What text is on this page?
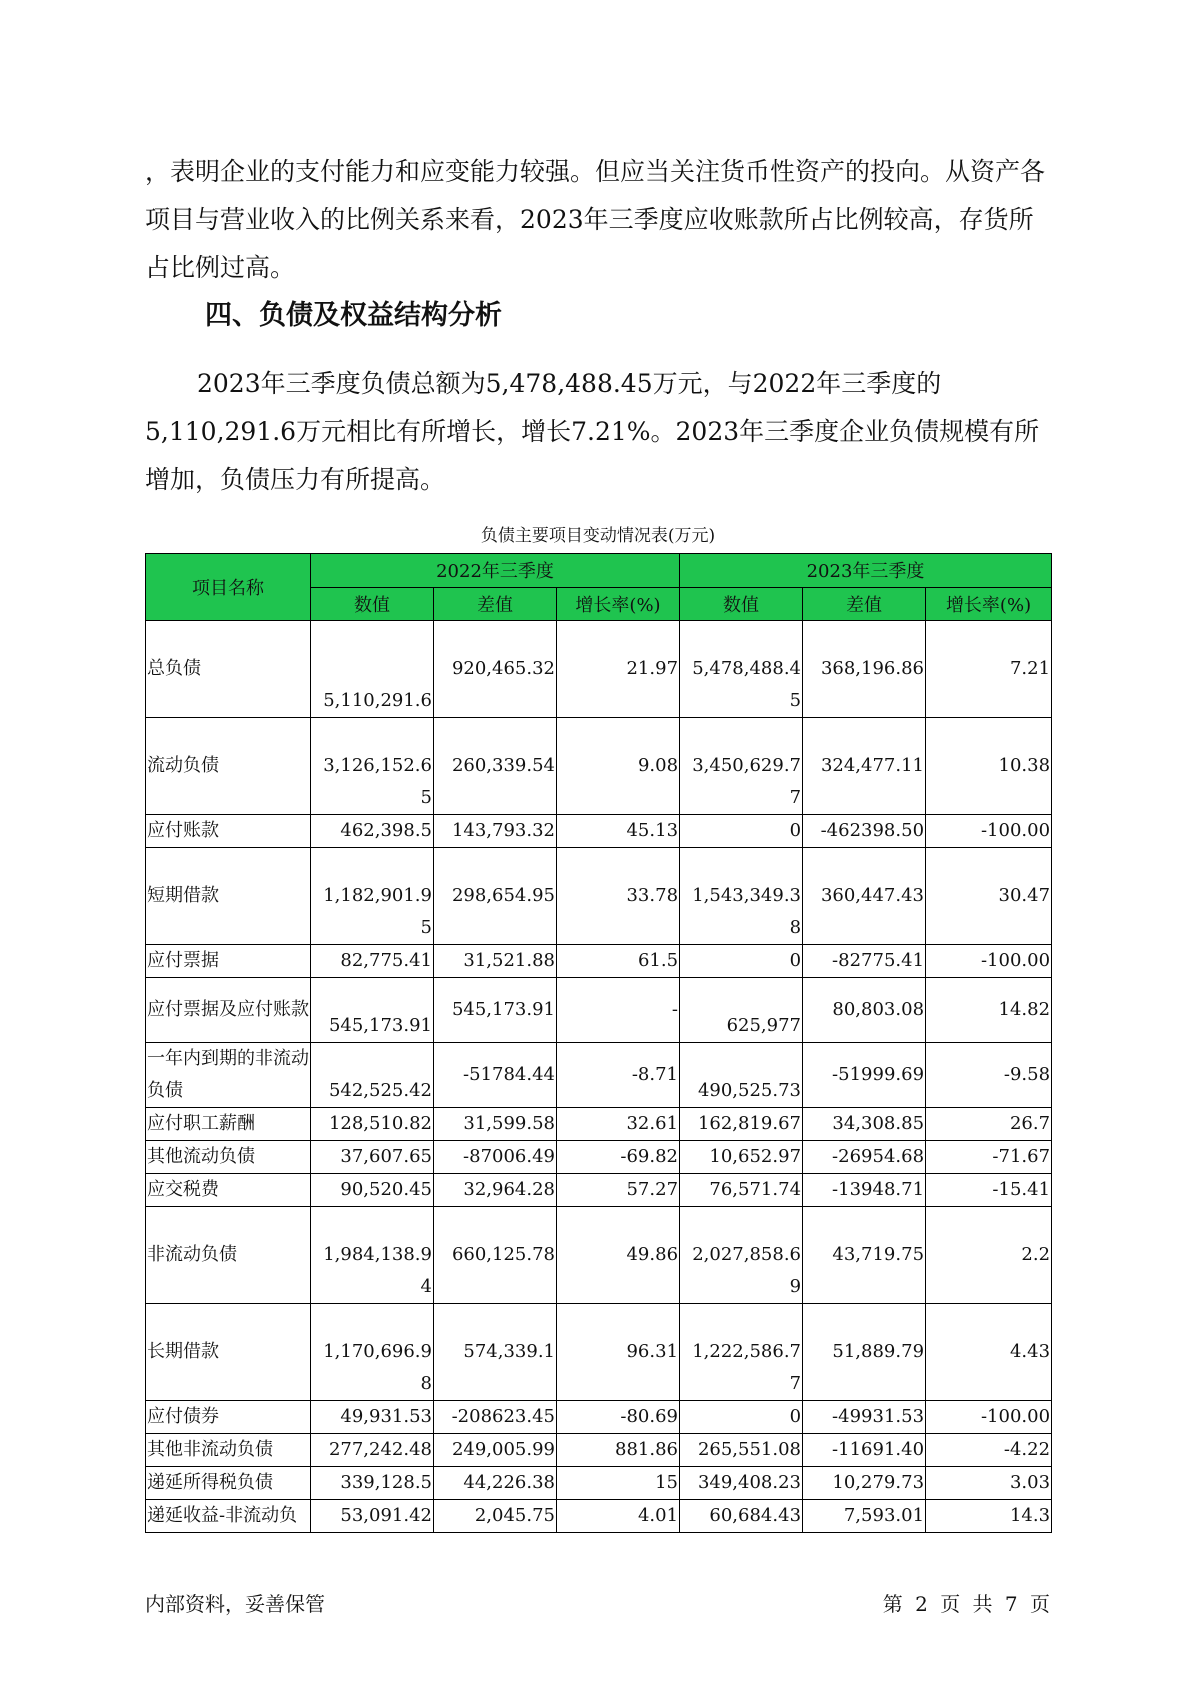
，表明企业的支付能力和应变能力较强。但应当关注货币性资产的投向。从资产各项目与营业收入的比例关系来看，2023年三季度应收账款所占比例较高，存货所占比例过高。

四、负债及权益结构分析

2023年三季度负债总额为5,478,488.45万元，与2022年三季度的5,110,291.6万元相比有所增长，增长7.21%。2023年三季度企业负债规模有所增加，负债压力有所提高。

负债主要项目变动情况表(万元)
项目名称	2022年三季度			2023年三季度		
	数值	差值	增长率(%)	数值	差值	增长率(%)
总负债	5,110,291.6	920,465.32	21.97	5,478,488.45	368,196.86	7.21
流动负债	3,126,152.65	260,339.54	9.08	3,450,629.77	324,477.11	10.38
应付账款	462,398.5	143,793.32	45.13	0	-462398.50	-100.00
短期借款	1,182,901.95	298,654.95	33.78	1,543,349.38	360,447.43	30.47
应付票据	82,775.41	31,521.88	61.5	0	-82775.41	-100.00
应付票据及应付账款	545,173.91	545,173.91	-	625,977	80,803.08	14.82
一年内到期的非流动负债	542,525.42	-51784.44	-8.71	490,525.73	-51999.69	-9.58
应付职工薪酬	128,510.82	31,599.58	32.61	162,819.67	34,308.85	26.7
其他流动负债	37,607.65	-87006.49	-69.82	10,652.97	-26954.68	-71.67
应交税费	90,520.45	32,964.28	57.27	76,571.74	-13948.71	-15.41
非流动负债	1,984,138.94	660,125.78	49.86	2,027,858.69	43,719.75	2.2
长期借款	1,170,696.98	574,339.1	96.31	1,222,586.77	51,889.79	4.43
应付债券	49,931.53	-208623.45	-80.69	0	-49931.53	-100.00
其他非流动负债	277,242.48	249,005.99	881.86	265,551.08	-11691.40	-4.22
递延所得税负债	339,128.5	44,226.38	15	349,408.23	10,279.73	3.03
递延收益-非流动负	53,091.42	2,045.75	4.01	60,684.43	7,593.01	14.3
内部资料，妥善保管	第 2 页 共 7 页
